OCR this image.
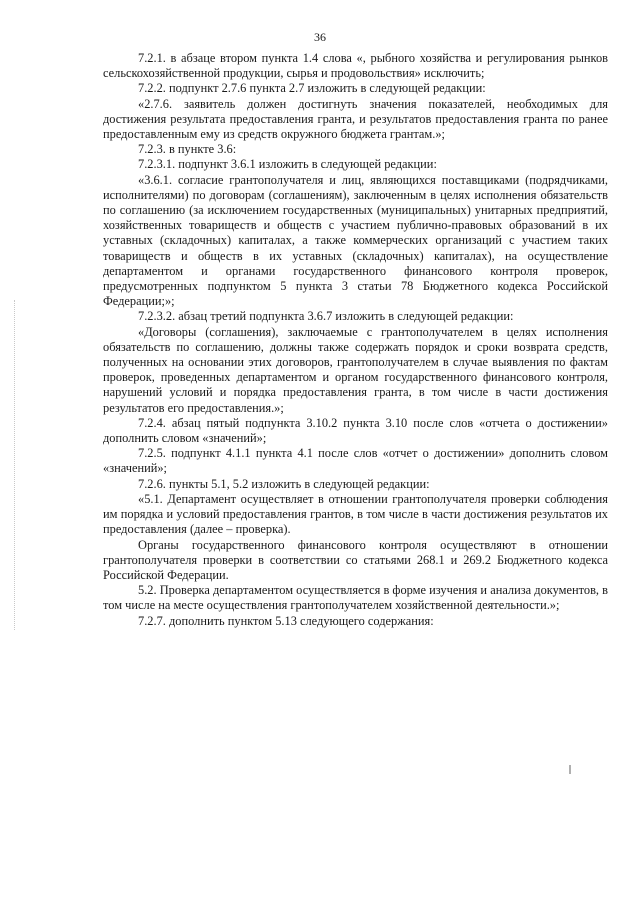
36

7.2.1. в абзаце втором пункта 1.4 слова «, рыбного хозяйства и регулирования рынков сельскохозяйственной продукции, сырья и продовольствия» исключить;

7.2.2. подпункт 2.7.6 пункта 2.7 изложить в следующей редакции:

«2.7.6. заявитель должен достигнуть значения показателей, необходимых для достижения результата предоставления гранта, и результатов предоставления гранта по ранее предоставленным ему из средств окружного бюджета грантам.»;

7.2.3. в пункте 3.6:

7.2.3.1. подпункт 3.6.1 изложить в следующей редакции:

«3.6.1. согласие грантополучателя и лиц, являющихся поставщиками (подрядчиками, исполнителями) по договорам (соглашениям), заключенным в целях исполнения обязательств по соглашению (за исключением государственных (муниципальных) унитарных предприятий, хозяйственных товариществ и обществ с участием публично-правовых образований в их уставных (складочных) капиталах, а также коммерческих организаций с участием таких товариществ и обществ в их уставных (складочных) капиталах), на осуществление департаментом и органами государственного финансового контроля проверок, предусмотренных подпунктом 5 пункта 3 статьи 78 Бюджетного кодекса Российской Федерации;»;

7.2.3.2. абзац третий подпункта 3.6.7 изложить в следующей редакции:

«Договоры (соглашения), заключаемые с грантополучателем в целях исполнения обязательств по соглашению, должны также содержать порядок и сроки возврата средств, полученных на основании этих договоров, грантополучателем в случае выявления по фактам проверок, проведенных департаментом и органом государственного финансового контроля, нарушений условий и порядка предоставления гранта, в том числе в части достижения результатов его предоставления.»;

7.2.4. абзац пятый подпункта 3.10.2 пункта 3.10 после слов «отчета о достижении» дополнить словом «значений»;

7.2.5. подпункт 4.1.1 пункта 4.1 после слов «отчет о достижении» дополнить словом «значений»;

7.2.6. пункты 5.1, 5.2 изложить в следующей редакции:

«5.1. Департамент осуществляет в отношении грантополучателя проверки соблюдения им порядка и условий предоставления грантов, в том числе в части достижения результатов их предоставления (далее – проверка).

Органы государственного финансового контроля осуществляют в отношении грантополучателя проверки в соответствии со статьями 268.1 и 269.2 Бюджетного кодекса Российской Федерации.

5.2. Проверка департаментом осуществляется в форме изучения и анализа документов, в том числе на месте осуществления грантополучателем хозяйственной деятельности.»;

7.2.7. дополнить пунктом 5.13 следующего содержания:
